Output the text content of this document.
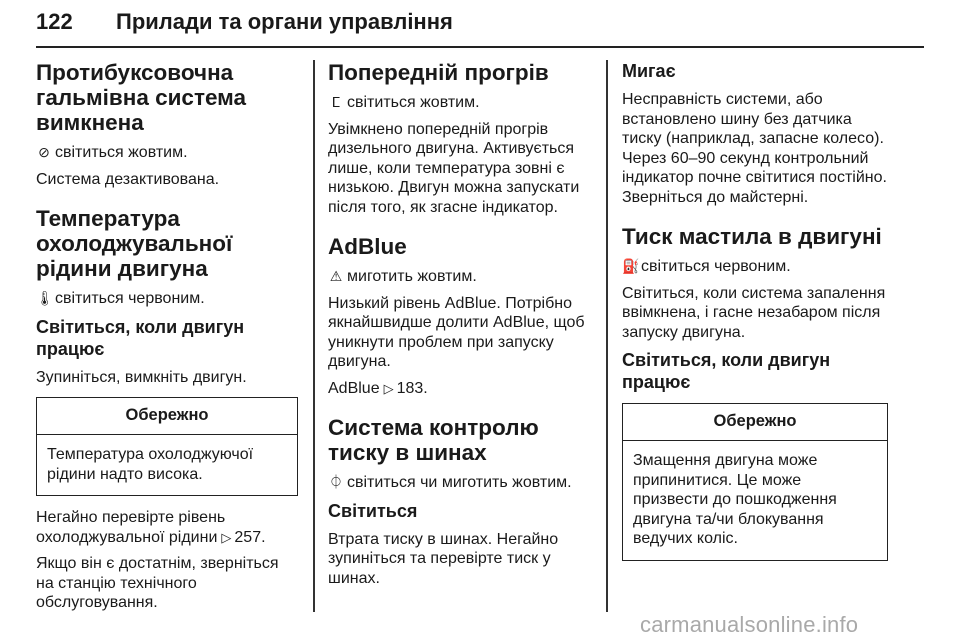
122 Прилади та органи управління
Протибуксовочна гальмівна система вимкнена
⊘ світиться жовтим.
Система дезактивована.
Температура охолоджувальної рідини двигуна
🌡світиться червоним.
Світиться, коли двигун працює
Зупиніться, вимкніть двигун.
Обережно
Температура охолоджуючої рідини надто висока.
Негайно перевірте рівень охолоджувальної рідини ▷ 257.
Якщо він є достатнім, зверніться на станцію технічного обслуговування.
Попередній прогрів
ⵎ світиться жовтим.
Увімкнено попередній прогрів дизельного двигуна. Активується лише, коли температура зовні є низькою. Двигун можна запускати після того, як згасне індикатор.
AdBlue
⚠ миготить жовтим.
Низький рівень AdBlue. Потрібно якнайшвидше долити AdBlue, щоб уникнути проблем при запуску двигуна.
AdBlue ▷ 183.
Система контролю тиску в шинах
⏀ світиться чи миготить жовтим.
Світиться
Втрата тиску в шинах. Негайно зупиніться та перевірте тиск у шинах.
Мигає
Несправність системи, або встановлено шину без датчика тиску (наприклад, запасне колесо). Через 60–90 секунд контрольний індикатор почне світитися постійно. Зверніться до майстерні.
Тиск мастила в двигуні
⛽світиться червоним.
Світиться, коли система запалення ввімкнена, і гасне незабаром після запуску двигуна.
Світиться, коли двигун працює
Обережно
Змащення двигуна може припинитися. Це може призвести до пошкодження двигуна та/чи блокування ведучих коліс.
carmanualsonline.info
